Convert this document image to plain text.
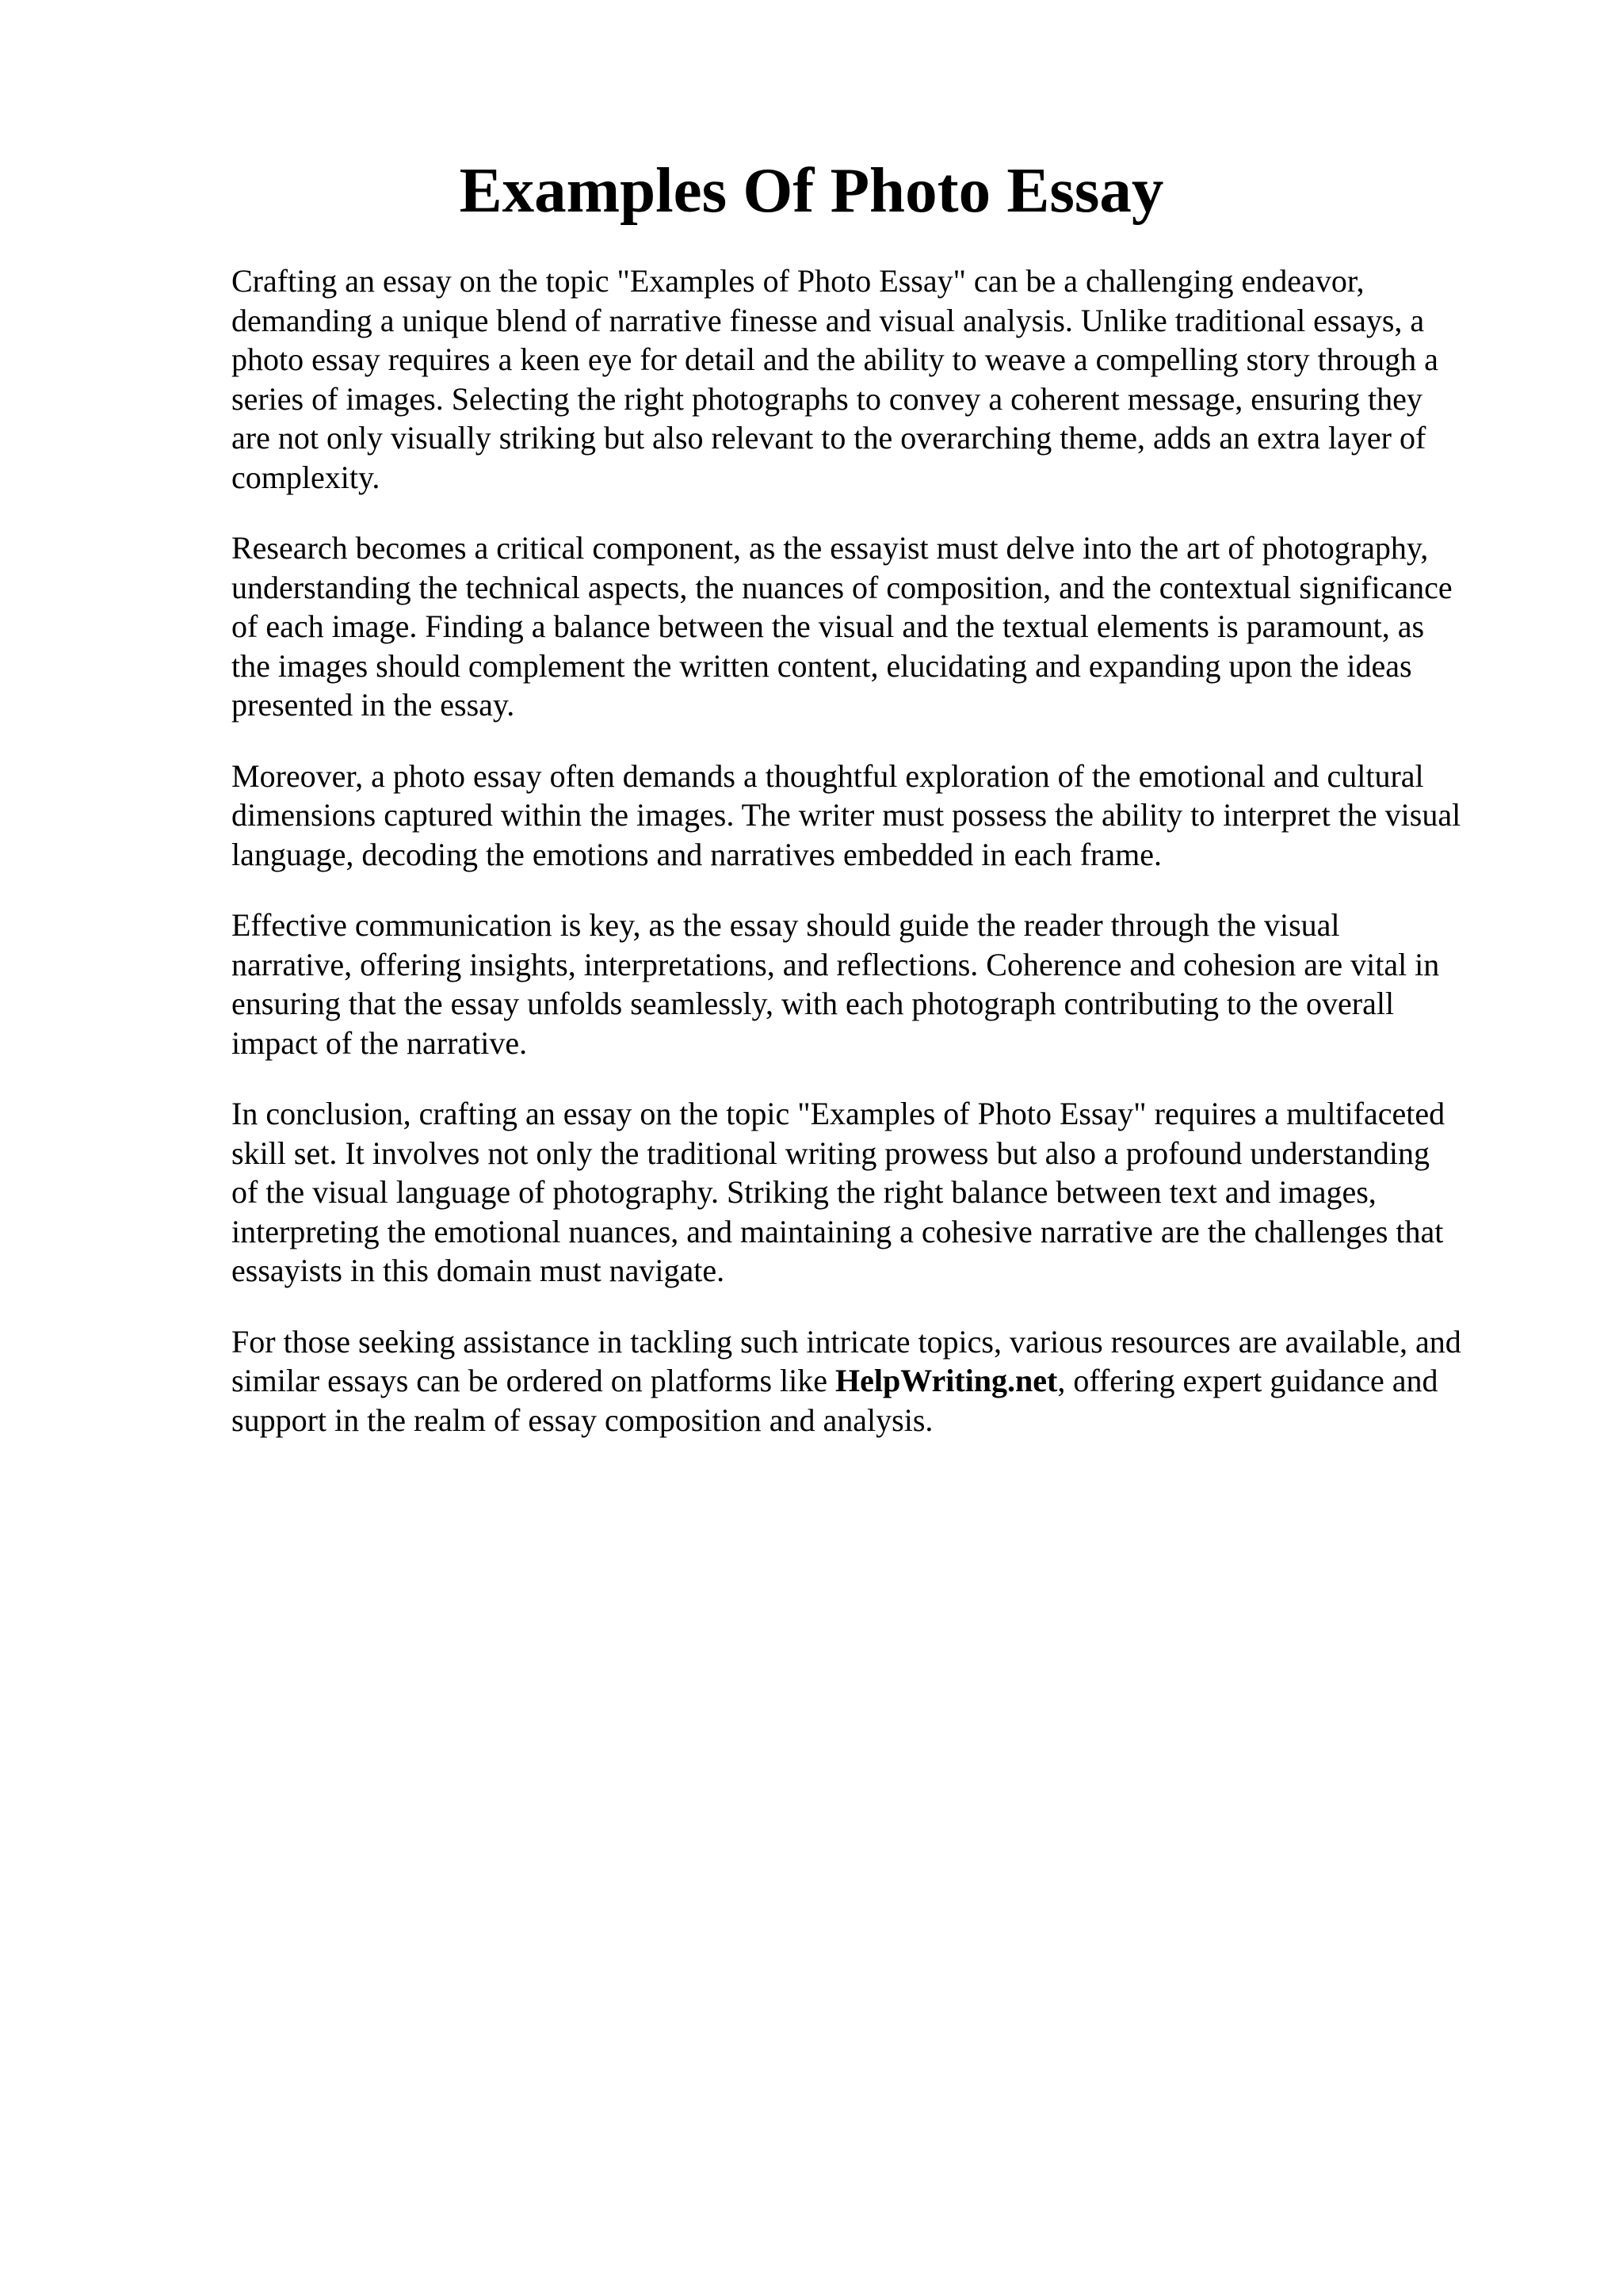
Examples Of Photo Essay

Crafting an essay on the topic "Examples of Photo Essay" can be a challenging endeavor,
demanding a unique blend of narrative finesse and visual analysis. Unlike traditional essays, a
photo essay requires a keen eye for detail and the ability to weave a compelling story through a
series of images. Selecting the right photographs to convey a coherent message, ensuring they
are not only visually striking but also relevant to the overarching theme, adds an extra layer of
complexity.

Research becomes a critical component, as the essayist must delve into the art of photography,
understanding the technical aspects, the nuances of composition, and the contextual significance
of each image. Finding a balance between the visual and the textual elements is paramount, as
the images should complement the written content, elucidating and expanding upon the ideas
presented in the essay.

Moreover, a photo essay often demands a thoughtful exploration of the emotional and cultural
dimensions captured within the images. The writer must possess the ability to interpret the visual
language, decoding the emotions and narratives embedded in each frame.

Effective communication is key, as the essay should guide the reader through the visual
narrative, offering insights, interpretations, and reflections. Coherence and cohesion are vital in
ensuring that the essay unfolds seamlessly, with each photograph contributing to the overall
impact of the narrative.

In conclusion, crafting an essay on the topic "Examples of Photo Essay" requires a multifaceted
skill set. It involves not only the traditional writing prowess but also a profound understanding
of the visual language of photography. Striking the right balance between text and images,
interpreting the emotional nuances, and maintaining a cohesive narrative are the challenges that
essayists in this domain must navigate.

For those seeking assistance in tackling such intricate topics, various resources are available, and
similar essays can be ordered on platforms like HelpWriting.net, offering expert guidance and
support in the realm of essay composition and analysis.
